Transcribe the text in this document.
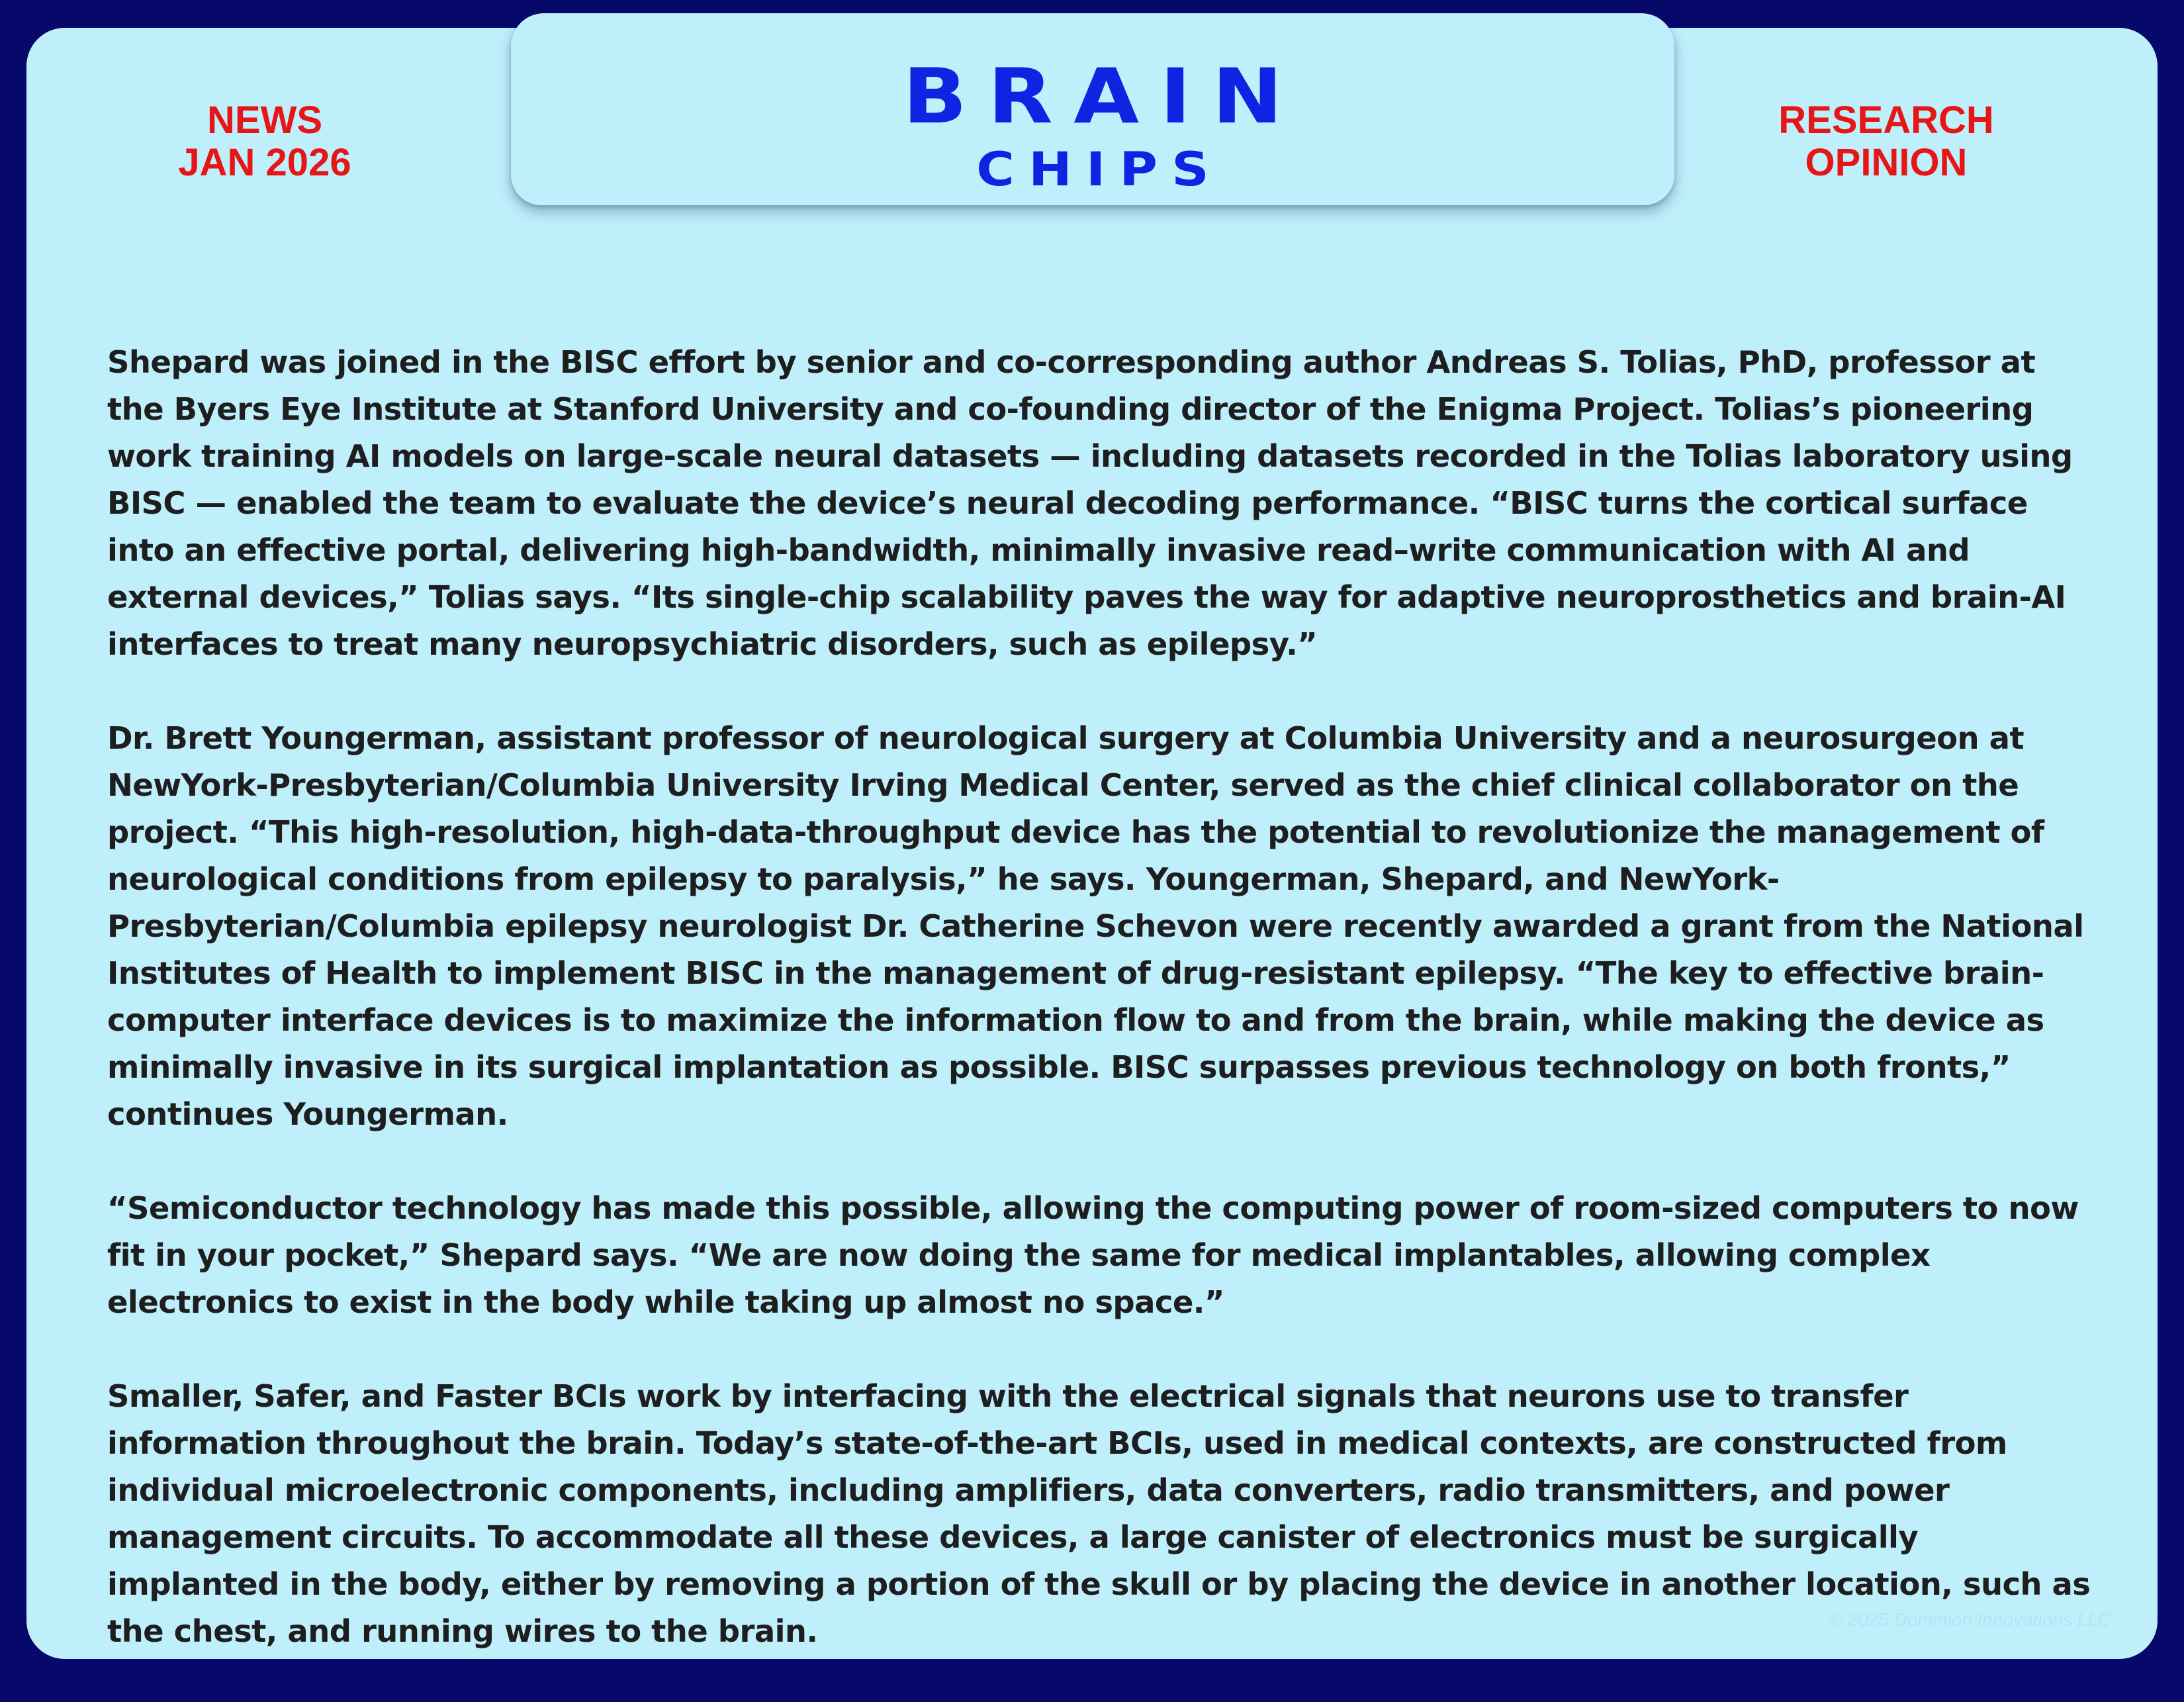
BRAIN
CHIPS
NEWS
JAN 2026
RESEARCH
OPINION

Shepard was joined in the BISC effort by senior and co-corresponding author Andreas S. Tolias, PhD, professor at the Byers Eye Institute at Stanford University and co-founding director of the Enigma Project. Tolias’s pioneering work training AI models on large-scale neural datasets — including datasets recorded in the Tolias laboratory using BISC — enabled the team to evaluate the device’s neural decoding performance. “BISC turns the cortical surface into an effective portal, delivering high-bandwidth, minimally invasive read–write communication with AI and external devices,” Tolias says. “Its single-chip scalability paves the way for adaptive neuroprosthetics and brain-AI interfaces to treat many neuropsychiatric disorders, such as epilepsy.”

Dr. Brett Youngerman, assistant professor of neurological surgery at Columbia University and a neurosurgeon at NewYork-Presbyterian/Columbia University Irving Medical Center, served as the chief clinical collaborator on the project. “This high-resolution, high-data-throughput device has the potential to revolutionize the management of neurological conditions from epilepsy to paralysis,” he says. Youngerman, Shepard, and NewYork-Presbyterian/Columbia epilepsy neurologist Dr. Catherine Schevon were recently awarded a grant from the National Institutes of Health to implement BISC in the management of drug-resistant epilepsy. “The key to effective brain-computer interface devices is to maximize the information flow to and from the brain, while making the device as minimally invasive in its surgical implantation as possible. BISC surpasses previous technology on both fronts,” continues Youngerman.

“Semiconductor technology has made this possible, allowing the computing power of room-sized computers to now fit in your pocket,” Shepard says. “We are now doing the same for medical implantables, allowing complex electronics to exist in the body while taking up almost no space.”

Smaller, Safer, and Faster BCIs work by interfacing with the electrical signals that neurons use to transfer information throughout the brain. Today’s state-of-the-art BCIs, used in medical contexts, are constructed from individual microelectronic components, including amplifiers, data converters, radio transmitters, and power management circuits. To accommodate all these devices, a large canister of electronics must be surgically implanted in the body, either by removing a portion of the skull or by placing the device in another location, such as the chest, and running wires to the brain.	© 2025 Dominion Innovations LLC
